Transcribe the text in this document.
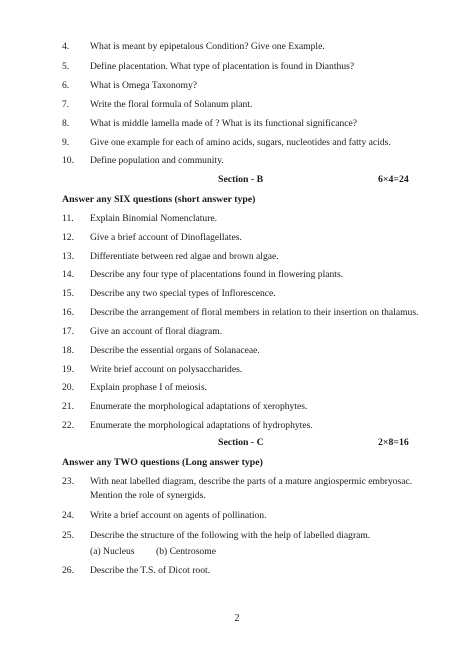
4. What is meant by epipetalous Condition? Give one Example.
5. Define placentation. What type of placentation is found in Dianthus?
6. What is Omega Taxonomy?
7. Write the floral formula of Solanum plant.
8. What is middle lamella made of ? What is its functional significance?
9. Give one example for each of amino acids, sugars, nucleotides and fatty acids.
10. Define population and community.
Section - B	6×4=24
Answer any SIX questions (short answer type)
11. Explain Binomial Nomenclature.
12. Give a brief account of Dinoflagellates.
13. Differentiate between red algae and brown algae.
14. Describe any four type of placentations found in flowering plants.
15. Describe any two special types of Inflorescence.
16. Describe the arrangement of floral members in relation to their insertion on thalamus.
17. Give an account of floral diagram.
18. Describe the essential organs of Solanaceae.
19. Write brief account on polysaccharides.
20. Explain prophase I of meiosis.
21. Enumerate the morphological adaptations of xerophytes.
22. Enumerate the morphological adaptations of hydrophytes.
Section - C	2×8=16
Answer any TWO questions (Long answer type)
23. With neat labelled diagram, describe the parts of a mature angiospermic embryosac.
Mention the role of synergids.
24. Write a brief account on agents of pollination.
25. Describe the structure of the following with the help of labelled diagram.
(a) Nucleus (b) Centrosome
26. Describe the T.S. of Dicot root.
2
